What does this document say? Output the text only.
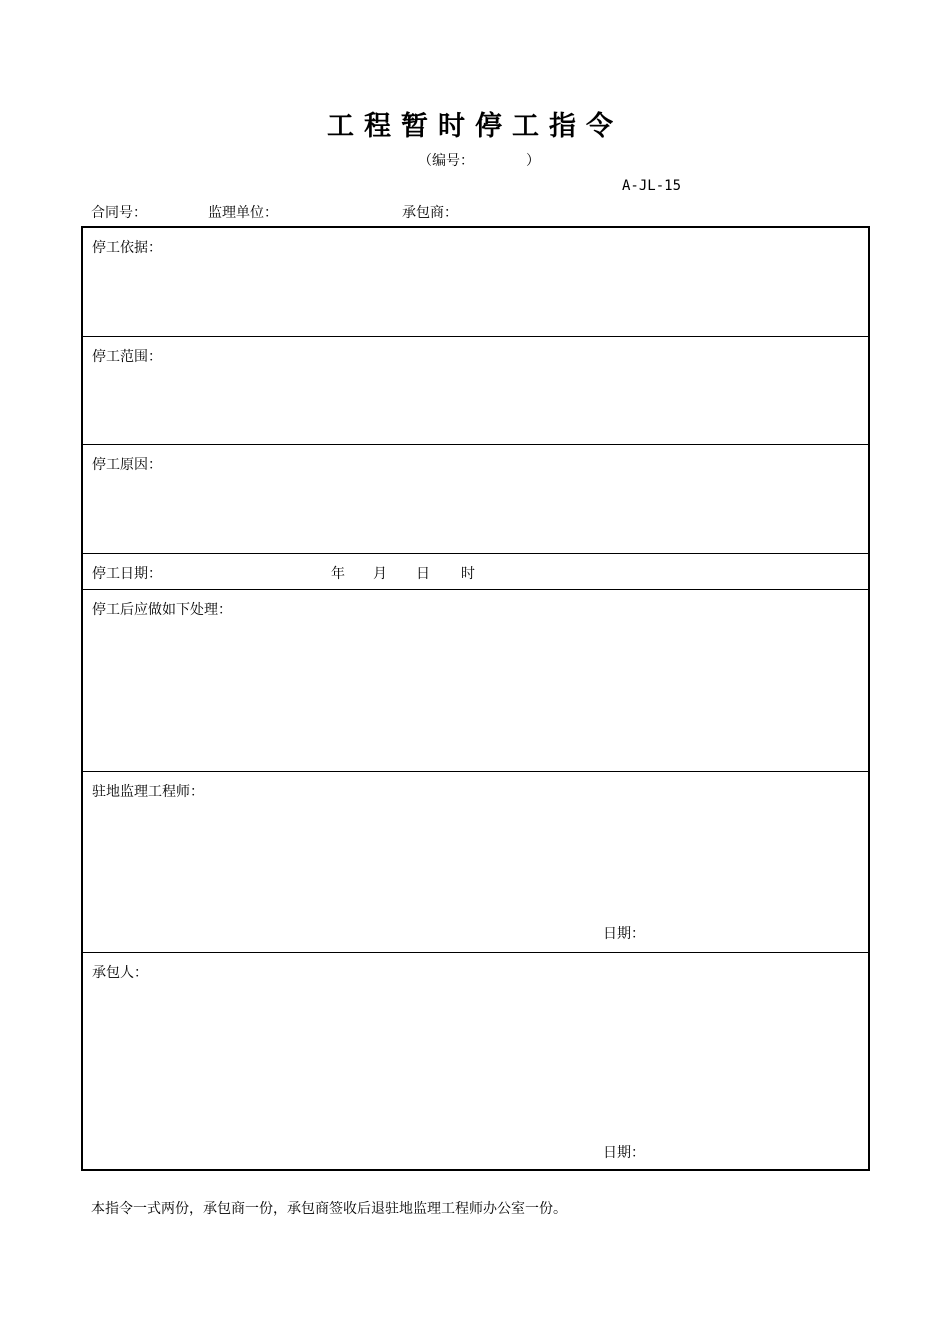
工程暂时停工指令
（编号：	）
A-JL-15
合同号：	监理单位：	承包商：
停工依据：
停工范围：
停工原因：
停工日期：	年 月 日 时
停工后应做如下处理：
驻地监理工程师：
日期：
承包人：
日期：
本指令一式两份，承包商一份，承包商签收后退驻地监理工程师办公室一份。
